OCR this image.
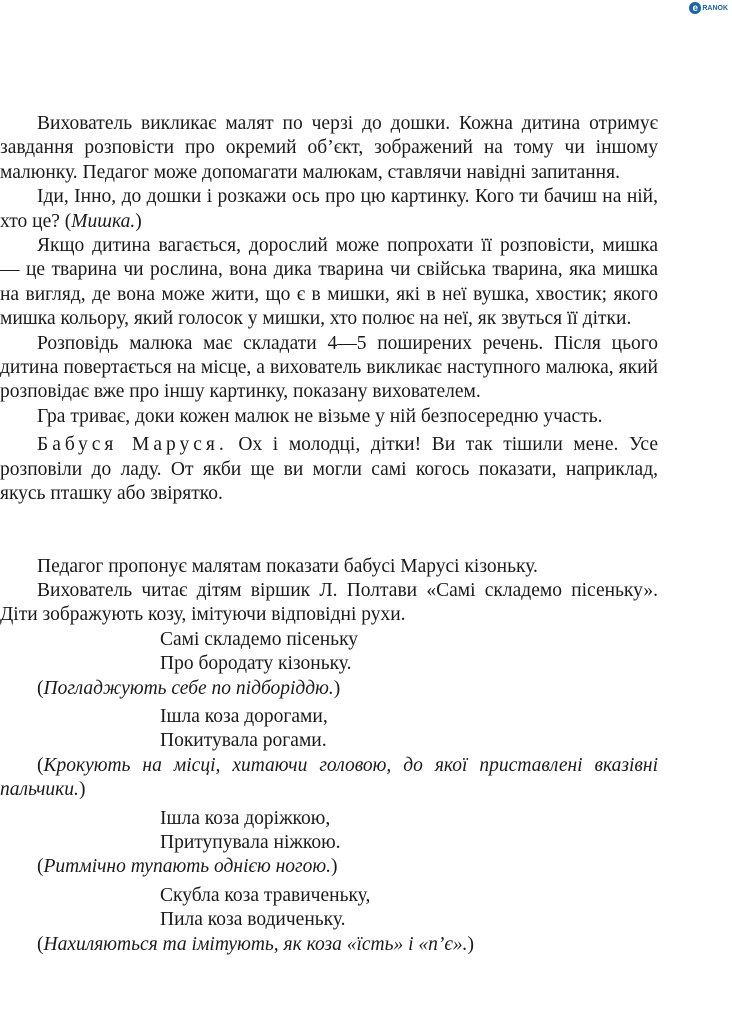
e RANOK

Вихователь викликає малят по черзі до дошки. Кожна дитина отримує завдання розповісти про окремий об’єкт, зображений на тому чи іншому малюнку. Педагог може допомагати малюкам, ставлячи навідні запитання.

Іди, Інно, до дошки і розкажи ось про цю картинку. Кого ти бачиш на ній, хто це? (Мишка.)

Якщо дитина вагається, дорослий може попрохати її розповісти, мишка — це тварина чи рослина, вона дика тварина чи свійська тварина, яка мишка на вигляд, де вона може жити, що є в мишки, які в неї вушка, хвостик; якого мишка кольору, який голосок у мишки, хто полює на неї, як звуться її дітки.

Розповідь малюка має складати 4—5 поширених речень. Після цього дитина повертається на місце, а вихователь викликає наступного малюка, який розповідає вже про іншу картинку, показану вихователем.

Гра триває, доки кожен малюк не візьме у ній безпосередню участь.

Бабуся Маруся. Ох і молодці, дітки! Ви так тішили мене. Усе розповіли до ладу. От якби ще ви могли самі когось показати, наприклад, якусь пташку або звірятко.

Педагог пропонує малятам показати бабусі Марусі кізоньку.

Вихователь читає дітям віршик Л. Полтави «Самі складемо пісеньку». Діти зображують козу, імітуючи відповідні рухи.

Самі складемо пісеньку
Про бородату кізоньку.

(Погладжують себе по підборіддю.)

Ішла коза дорогами,
Покитувала рогами.

(Крокують на місці, хитаючи головою, до якої приставлені вказівні пальчики.)

Ішла коза доріжкою,
Притупувала ніжкою.

(Ритмічно тупають однією ногою.)

Скубла коза травиченьку,
Пила коза водиченьку.

(Нахиляються та імітують, як коза «їсть» і «п’є».)
